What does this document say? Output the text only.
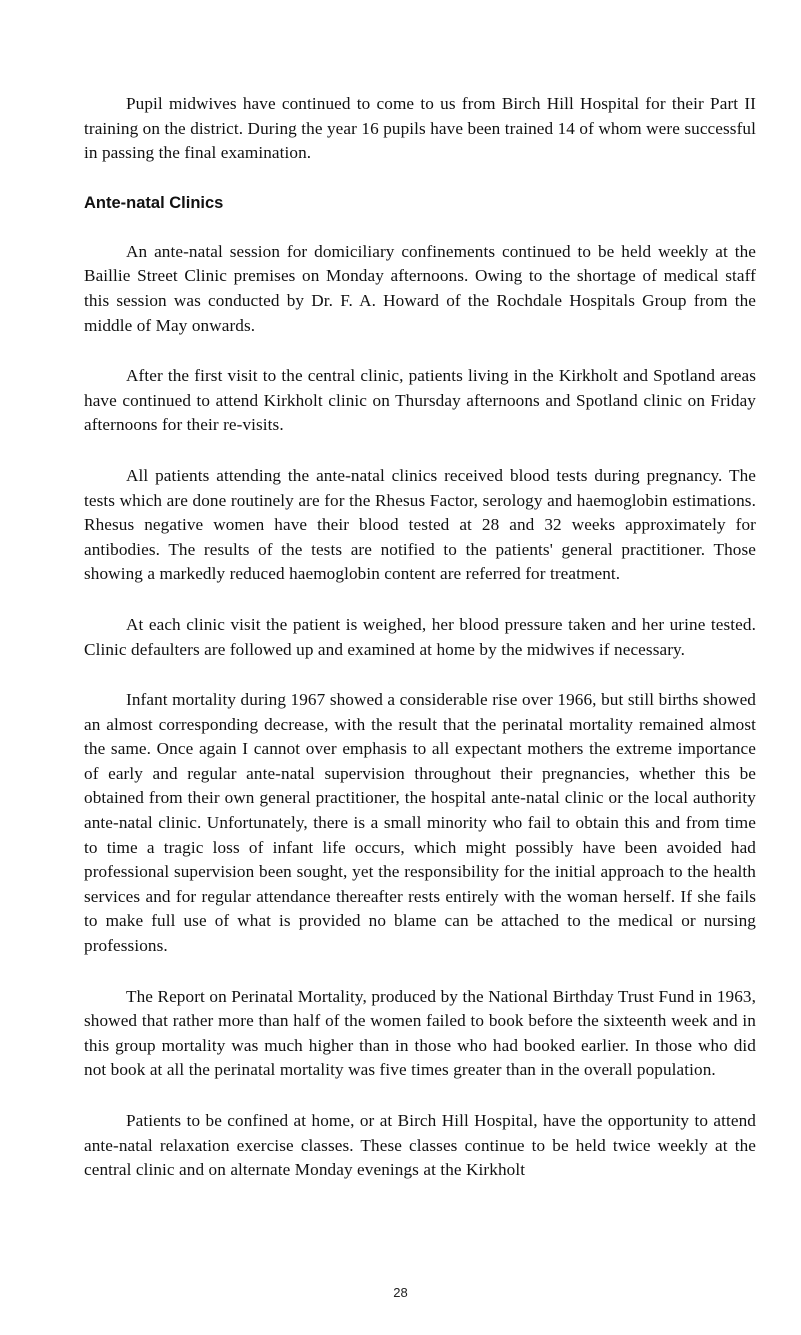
Pupil midwives have continued to come to us from Birch Hill Hospital for their Part II training on the district. During the year 16 pupils have been trained 14 of whom were successful in passing the final examination.

Ante-natal Clinics

An ante-natal session for domiciliary confinements continued to be held weekly at the Baillie Street Clinic premises on Monday afternoons. Owing to the shortage of medical staff this session was conducted by Dr. F. A. Howard of the Rochdale Hospitals Group from the middle of May onwards.

After the first visit to the central clinic, patients living in the Kirkholt and Spotland areas have continued to attend Kirkholt clinic on Thursday afternoons and Spotland clinic on Friday afternoons for their re-visits.

All patients attending the ante-natal clinics received blood tests during pregnancy. The tests which are done routinely are for the Rhesus Factor, serology and haemoglobin estimations. Rhesus negative women have their blood tested at 28 and 32 weeks approximately for antibodies. The results of the tests are notified to the patients' general practitioner. Those showing a markedly reduced haemoglobin content are referred for treatment.

At each clinic visit the patient is weighed, her blood pressure taken and her urine tested. Clinic defaulters are followed up and examined at home by the midwives if necessary.

Infant mortality during 1967 showed a considerable rise over 1966, but still births showed an almost corresponding decrease, with the result that the perinatal mortality remained almost the same. Once again I cannot over emphasis to all expectant mothers the extreme importance of early and regular ante-natal supervision throughout their pregnancies, whether this be obtained from their own general practitioner, the hospital ante-natal clinic or the local authority ante-natal clinic. Unfortunately, there is a small minority who fail to obtain this and from time to time a tragic loss of infant life occurs, which might possibly have been avoided had professional supervision been sought, yet the responsibility for the initial approach to the health services and for regular attendance thereafter rests entirely with the woman herself. If she fails to make full use of what is provided no blame can be attached to the medical or nursing professions.

The Report on Perinatal Mortality, produced by the National Birthday Trust Fund in 1963, showed that rather more than half of the women failed to book before the sixteenth week and in this group mortality was much higher than in those who had booked earlier. In those who did not book at all the perinatal mortality was five times greater than in the overall population.

Patients to be confined at home, or at Birch Hill Hospital, have the opportunity to attend ante-natal relaxation exercise classes. These classes continue to be held twice weekly at the central clinic and on alternate Monday evenings at the Kirkholt

28
